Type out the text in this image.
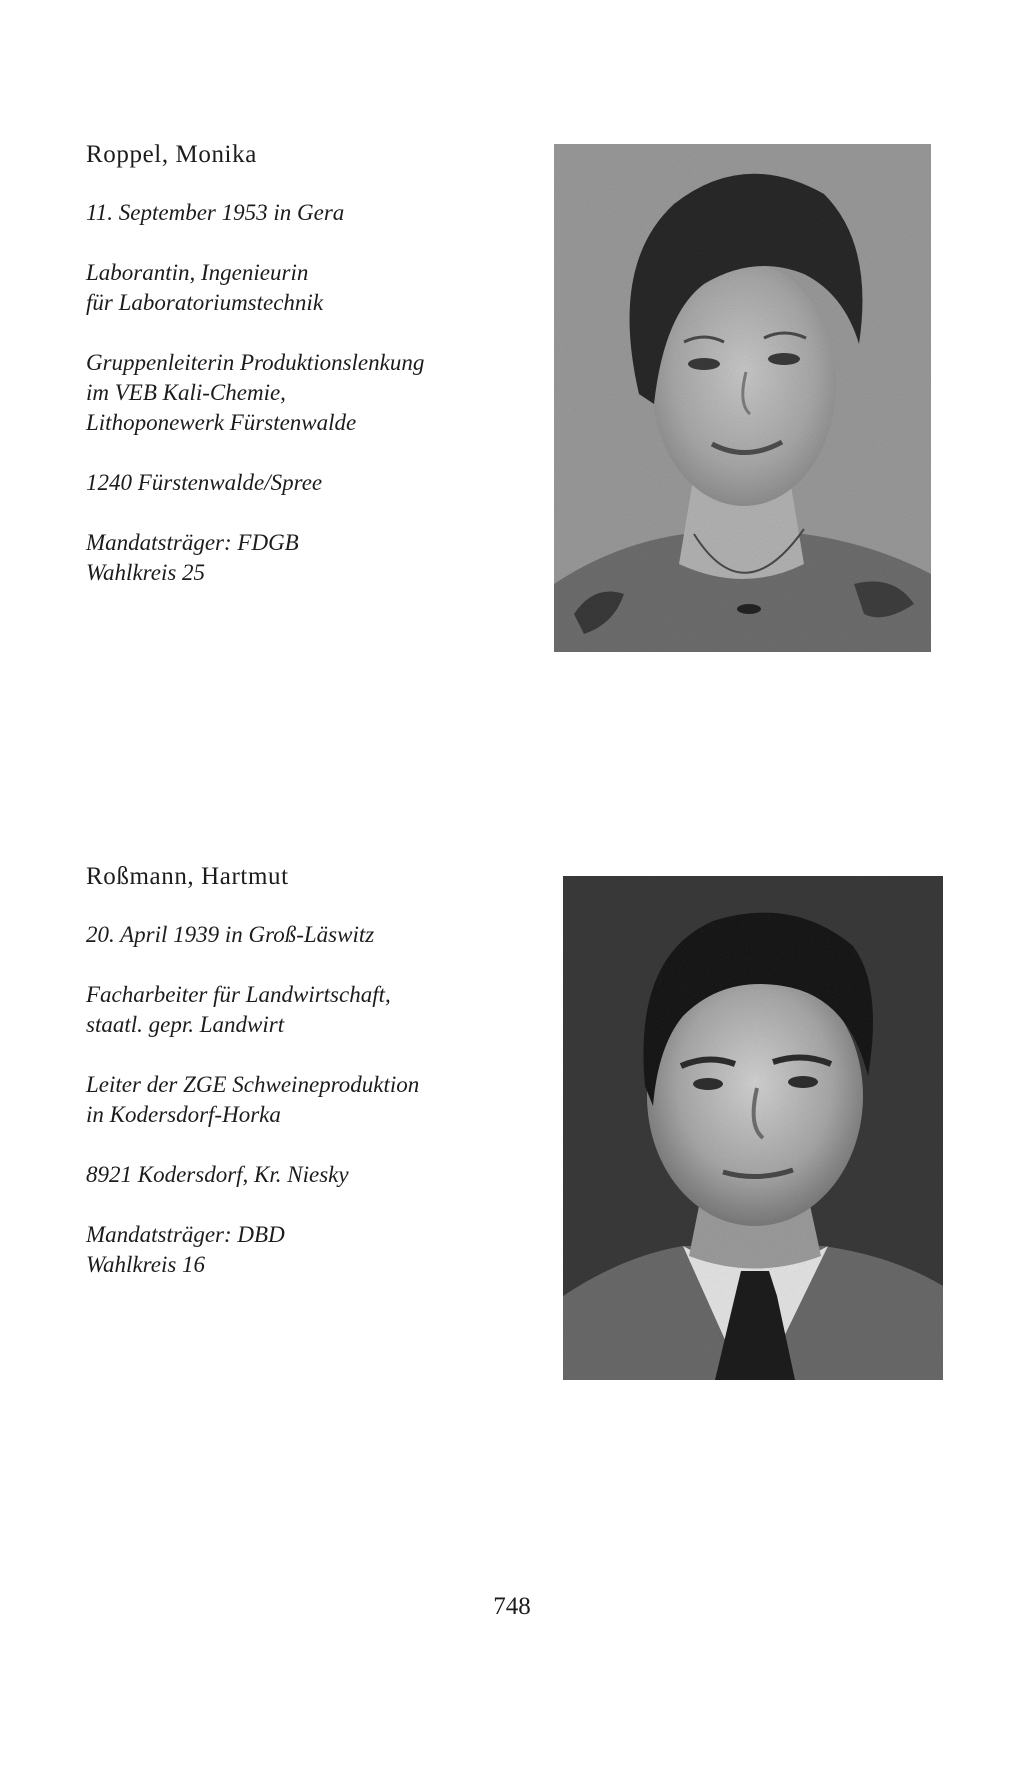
Roppel, Monika

11. September 1953 in Gera

Laborantin, Ingenieurin

für Laboratoriumstechnik

Gruppenleiterin Produktionslenkung

im VEB Kali-Chemie,

Lithoponewerk Fürstenwalde

1240 Fürstenwalde/Spree

Mandatsträger: FDGB

Wahlkreis 25

Roßmann, Hartmut

20. April 1939 in Groß-Läswitz

Facharbeiter für Landwirtschaft,

staatl. gepr. Landwirt

Leiter der ZGE Schweineproduktion

in Kodersdorf-Horka

8921 Kodersdorf, Kr. Niesky

Mandatsträger: DBD

Wahlkreis 16

748
